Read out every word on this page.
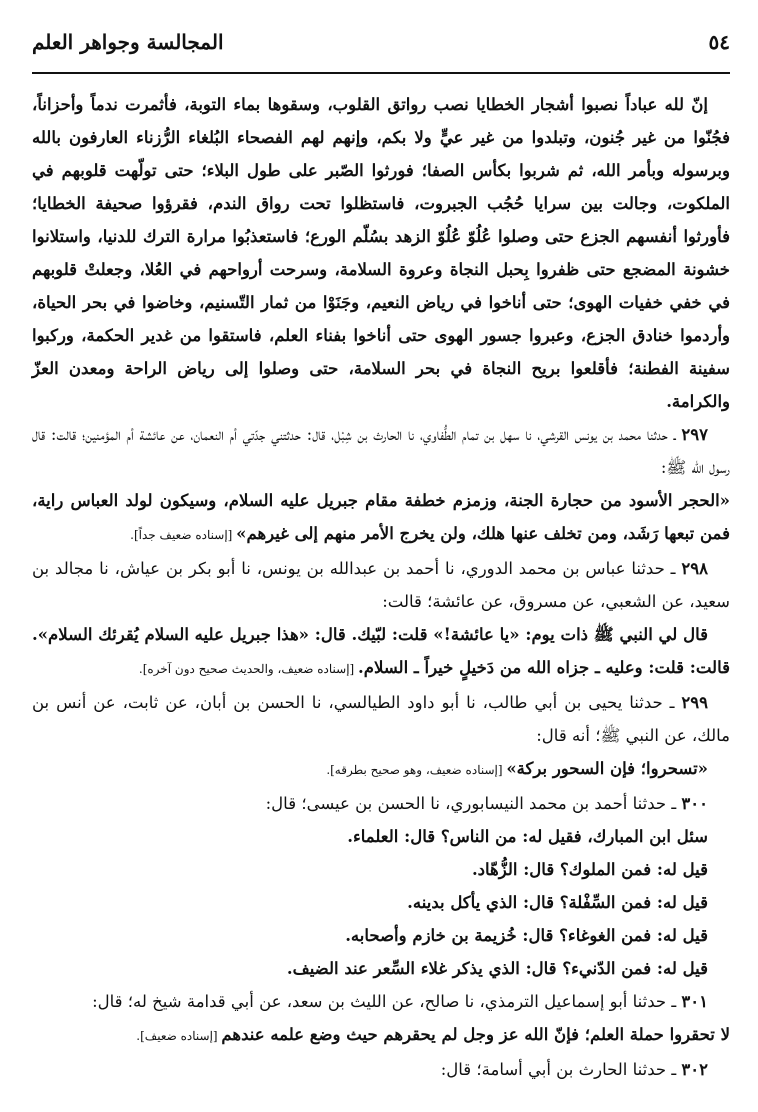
٥٤
المجالسة وجواهر العلم

إنّ لله عباداً نصبوا أشجار الخطايا نصب رواتق القلوب، وسقوها بماء التوبة، فأثمرت ندماً وأحزاناً، فجُنّوا من غير جُنون، وتبلدوا من غير عيٍّ ولا بكم، وإنهم لهم الفصحاء البُلغاء الرُّزناء العارفون بالله وبرسوله وبأمر الله، ثم شربوا بكأس الصفا؛ فورثوا الصّبر على طول البلاء؛ حتى تولّهت قلوبهم في الملكوت، وجالت بين سرايا حُجُب الجبروت، فاستظلوا تحت رواق الندم، فقرؤوا صحيفة الخطايا؛ فأورثوا أنفسهم الجزع حتى وصلوا عُلُوّ عُلُوّ الزهد بسُلّم الورع؛ فاستعذبُوا مرارة الترك للدنيا، واستلانوا خشونة المضجع حتى ظفروا بِحبل النجاة وعروة السلامة، وسرحت أرواحهم في العُلا، وجعلتْ قلوبهم في خفي خفيات الهوى؛ حتى أناخوا في رياض النعيم، وجَنَوْا من ثمار التّسنيم، وخاضوا في بحر الحياة، وأردموا خنادق الجزع، وعبروا جسور الهوى حتى أناخوا بفناء العلم، فاستقوا من غدير الحكمة، وركبوا سفينة الفطنة؛ فأقلعوا بريح النجاة في بحر السلامة، حتى وصلوا إلى رياض الراحة ومعدن العزّ والكرامة.

٢٩٧ ـ حدثنا محمد بن يونس القرشي، نا سهل بن تمام الطُّفاوي، نا الحارث بن شِبْل، قال: حدثتني جدّتي أم النعمان، عن عائشة أم المؤمنين؛ قالت: قال رسول الله ﷺ:

«الحجر الأسود من حجارة الجنة، وزمزم خطفة مقام جبريل عليه السلام، وسيكون لولد العباس راية، فمن تبعها رَشَد، ومن تخلف عنها هلك، ولن يخرج الأمر منهم إلى غيرهم» [إسناده ضعيف جداً].

٢٩٨ ـ حدثنا عباس بن محمد الدوري، نا أحمد بن عبدالله بن يونس، نا أبو بكر بن عياش، نا مجالد بن سعيد، عن الشعبي، عن مسروق، عن عائشة؛ قالت:

قال لي النبي ﷺ ذات يوم: «يا عائشة!» قلت: لبّيك. قال: «هذا جبريل عليه السلام يُقرئك السلام». قالت: قلت: وعليه ـ جزاه الله من دَخيلٍ خيراً ـ السلام. [إسناده ضعيف، والحديث صحيح دون آخره].

٢٩٩ ـ حدثنا يحيى بن أبي طالب، نا أبو داود الطيالسي، نا الحسن بن أبان، عن ثابت، عن أنس بن مالك، عن النبي ﷺ؛ أنه قال:

«تسحروا؛ فإن السحور بركة» [إسناده ضعيف، وهو صحيح بطرقه].

٣٠٠ ـ حدثنا أحمد بن محمد النيسابوري، نا الحسن بن عيسى؛ قال:

سئل ابن المبارك، فقيل له: من الناس؟ قال: العلماء.

قيل له: فمن الملوك؟ قال: الزُّهّاد.

قيل له: فمن السِّفْلة؟ قال: الذي يأكل بدينه.

قيل له: فمن الغوغاء؟ قال: خُزيمة بن خازم وأصحابه.

قيل له: فمن الدّنيء؟ قال: الذي يذكر غلاء السِّعر عند الضيف.

٣٠١ ـ حدثنا أبو إسماعيل الترمذي، نا صالح، عن الليث بن سعد، عن أبي قدامة شيخ له؛ قال:

لا تحقروا حملة العلم؛ فإنّ الله عز وجل لم يحقرهم حيث وضع علمه عندهم [إسناده ضعيف].

٣٠٢ ـ حدثنا الحارث بن أبي أسامة؛ قال:
